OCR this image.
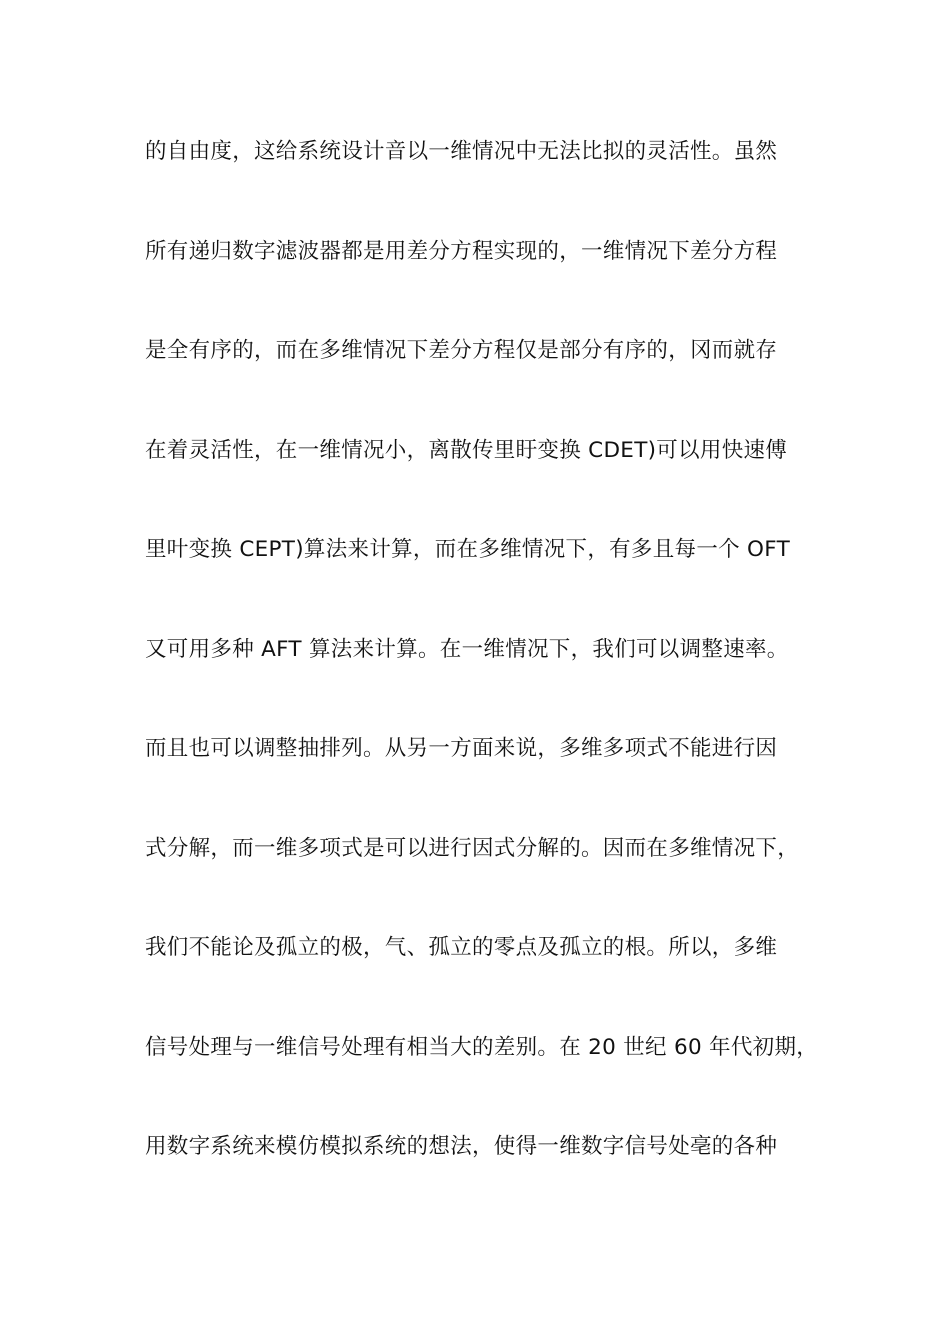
的自由度，这给系统设计音以一维情况中无法比拟的灵活性。虽然
所有递归数字滤波器都是用差分方程实现的，一维情况下差分方程
是全有序的，而在多维情况下差分方程仅是部分有序的，冈而就存
在着灵活性，在一维情况小，离散传里盱变换 CDET)可以用快速傅
里叶变换 CEPT)算法来计算，而在多维情况下，有多且每一个 OFT
又可用多种 AFT 算法来计算。在一维情况下，我们可以调整速率。
而且也可以调整抽排列。从另一方面来说，多维多项式不能进行因
式分解，而一维多项式是可以进行因式分解的。因而在多维情况下，
我们不能论及孤立的极，气、孤立的零点及孤立的根。所以，多维
信号处理与一维信号处理有相当大的差别。在 20 世纪 60 年代初期，
用数字系统来模仿模拟系统的想法，使得一维数字信号处亳的各种
